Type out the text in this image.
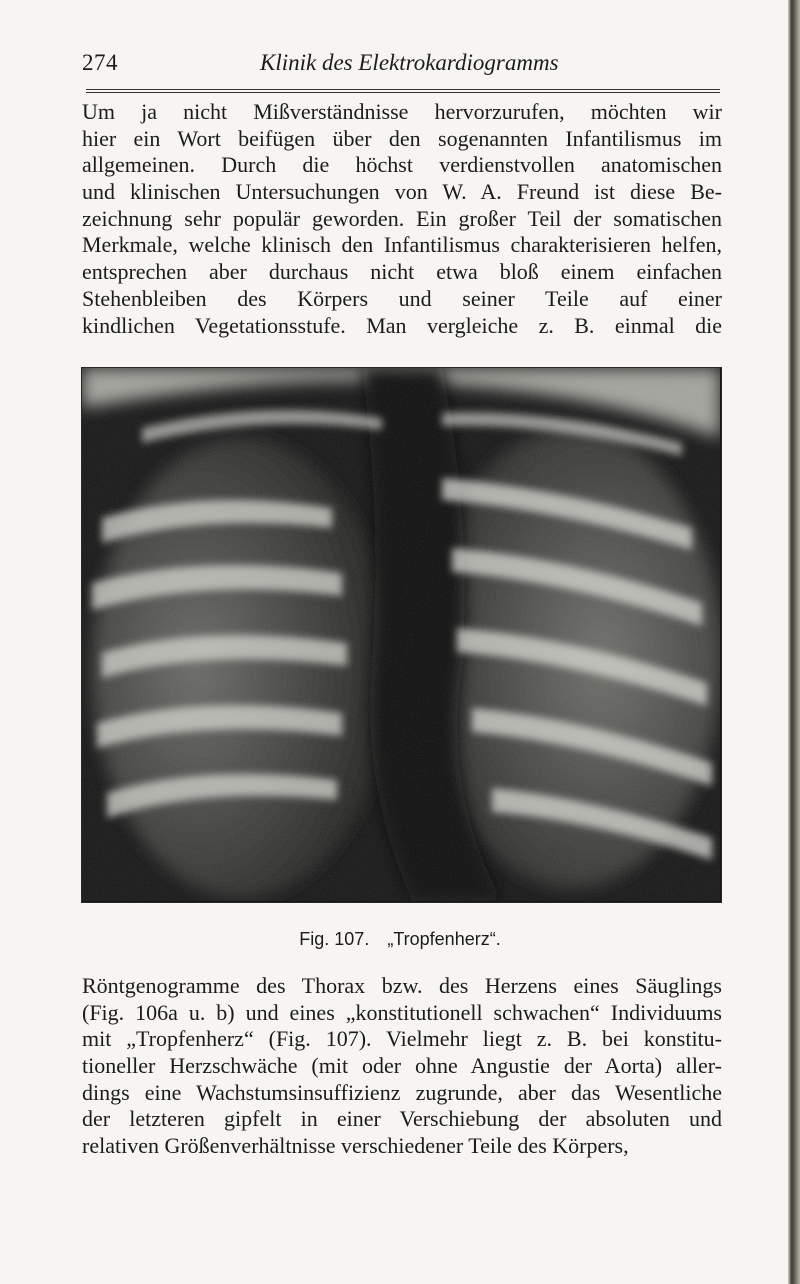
274	Klinik des Elektrokardiogramms

Um ja nicht Mißverständnisse hervorzurufen, möchten wir
hier ein Wort beifügen über den sogenannten Infantilismus im
allgemeinen. Durch die höchst verdienstvollen anatomischen
und klinischen Untersuchungen von W. A. Freund ist diese Be-
zeichnung sehr populär geworden. Ein großer Teil der somatischen
Merkmale, welche klinisch den Infantilismus charakterisieren helfen,
entsprechen aber durchaus nicht etwa bloß einem einfachen
Stehenbleiben des Körpers und seiner Teile auf einer
kindlichen Vegetationsstufe. Man vergleiche z. B. einmal die

Fig. 107. „Tropfenherz“.

Röntgenogramme des Thorax bzw. des Herzens eines Säuglings
(Fig. 106a u. b) und eines „konstitutionell schwachen“ Individuums
mit „Tropfenherz“ (Fig. 107). Vielmehr liegt z. B. bei konstitu-
tioneller Herzschwäche (mit oder ohne Angustie der Aorta) aller-
dings eine Wachstumsinsuffizienz zugrunde, aber das Wesentliche
der letzteren gipfelt in einer Verschiebung der absoluten und
relativen Größenverhältnisse verschiedener Teile des Körpers,
